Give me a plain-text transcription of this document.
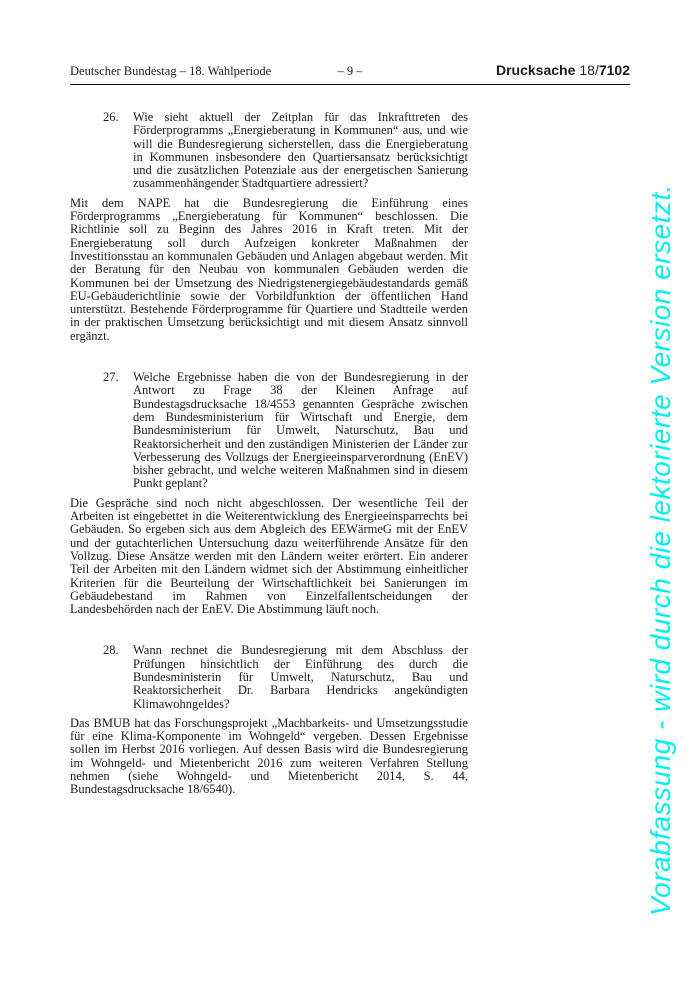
Deutscher Bundestag – 18. Wahlperiode	– 9 –	Drucksache 18/7102
26.	Wie sieht aktuell der Zeitplan für das Inkrafttreten des Förderprogramms „Energieberatung in Kommunen“ aus, und wie will die Bundesregierung sicherstellen, dass die Energieberatung in Kommunen insbesondere den Quartiersansatz berücksichtigt und die zusätzlichen Potenziale aus der energetischen Sanierung zusammenhängender Stadtquartiere adressiert?

Mit dem NAPE hat die Bundesregierung die Einführung eines Förderprogramms „Energieberatung für Kommunen“ beschlossen. Die Richtlinie soll zu Beginn des Jahres 2016 in Kraft treten. Mit der Energieberatung soll durch Aufzeigen konkreter Maßnahmen der Investitionsstau an kommunalen Gebäuden und Anlagen abgebaut werden. Mit der Beratung für den Neubau von kommunalen Gebäuden werden die Kommunen bei der Umsetzung des Niedrigstenergiegebäudestandards gemäß EU-Gebäuderichtlinie sowie der Vorbildfunktion der öffentlichen Hand unterstützt. Bestehende Förderprogramme für Quartiere und Stadtteile werden in der praktischen Umsetzung berücksichtigt und mit diesem Ansatz sinnvoll ergänzt.

27.	Welche Ergebnisse haben die von der Bundesregierung in der Antwort zu Frage 38 der Kleinen Anfrage auf Bundestagsdrucksache 18/4553 genannten Gespräche zwischen dem Bundesministerium für Wirtschaft und Energie, dem Bundesministerium für Umwelt, Naturschutz, Bau und Reaktorsicherheit und den zuständigen Ministerien der Länder zur Verbesserung des Vollzugs der Energieeinsparverordnung (EnEV) bisher gebracht, und welche weiteren Maßnahmen sind in diesem Punkt geplant?

Die Gespräche sind noch nicht abgeschlossen. Der wesentliche Teil der Arbeiten ist eingebettet in die Weiterentwicklung des Energieeinsparrechts bei Gebäuden. So ergeben sich aus dem Abgleich des EEWärmeG mit der EnEV und der gutachterlichen Untersuchung dazu weiterführende Ansätze für den Vollzug. Diese Ansätze werden mit den Ländern weiter erörtert. Ein anderer Teil der Arbeiten mit den Ländern widmet sich der Abstimmung einheitlicher Kriterien für die Beurteilung der Wirtschaftlichkeit bei Sanierungen im Gebäudebestand im Rahmen von Einzelfallentscheidungen der Landesbehörden nach der EnEV. Die Abstimmung läuft noch.

28.	Wann rechnet die Bundesregierung mit dem Abschluss der Prüfungen hinsichtlich der Einführung des durch die Bundesministerin für Umwelt, Naturschutz, Bau und Reaktorsicherheit Dr. Barbara Hendricks angekündigten Klimawohngeldes?

Das BMUB hat das Forschungsprojekt „Machbarkeits- und Umsetzungsstudie für eine Klima-Komponente im Wohngeld“ vergeben. Dessen Ergebnisse sollen im Herbst 2016 vorliegen. Auf dessen Basis wird die Bundesregierung im Wohngeld- und Mietenbericht 2016 zum weiteren Verfahren Stellung nehmen (siehe Wohngeld- und Mietenbericht 2014, S. 44, Bundestagsdrucksache 18/6540).	Vorabfassung - wird durch die lektorierte Version ersetzt.
